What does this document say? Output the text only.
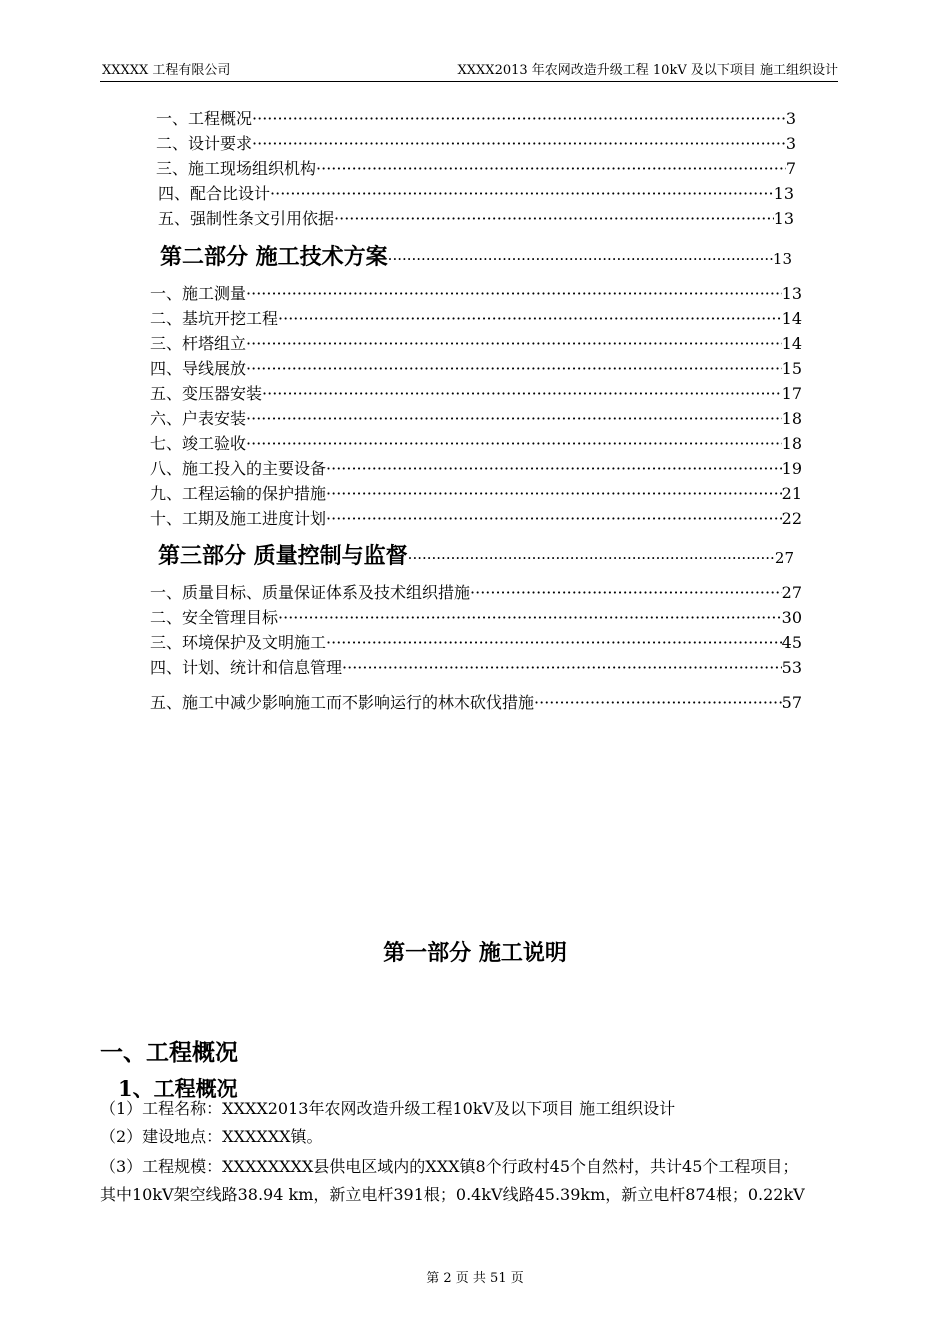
XXXXX 工程有限公司	XXXX2013 年农网改造升级工程 10kV 及以下项目 施工组织设计
一、工程概况 ·····	3
二、设计要求 ·····	3
三、施工现场组织机构 ·····	7
四、配合比设计 ·····	13
五、强制性条文引用依据 ·····	13
第二部分 施工技术方案 ·····	13
一、施工测量 ·····	13
二、基坑开挖工程 ·····	14
三、杆塔组立 ·····	14
四、导线展放 ·····	15
五、变压器安装 ·····	17
六、户表安装 ·····	18
七、竣工验收 ·····	18
八、施工投入的主要设备 ·····	19
九、工程运输的保护措施 ·····	21
十、工期及施工进度计划 ·····	22
第三部分 质量控制与监督 ·····	27
一、质量目标、质量保证体系及技术组织措施 ·····	27
二、安全管理目标 ·····	30
三、环境保护及文明施工 ·····	45
四、计划、统计和信息管理 ·····	53
五、施工中减少影响施工而不影响运行的林木砍伐措施 ·····	57
第一部分 施工说明
一、工程概况
1、工程概况
（1）工程名称：XXXX2013年农网改造升级工程10kV及以下项目 施工组织设计
（2）建设地点：XXXXXX镇。
（3）工程规模：XXXXXXXX县供电区域内的XXX镇8个行政村45个自然村，共计45个工程项目；
其中10kV架空线路38.94 km，新立电杆391根；0.4kV线路45.39km，新立电杆874根；0.22kV
第 2 页 共 51 页
